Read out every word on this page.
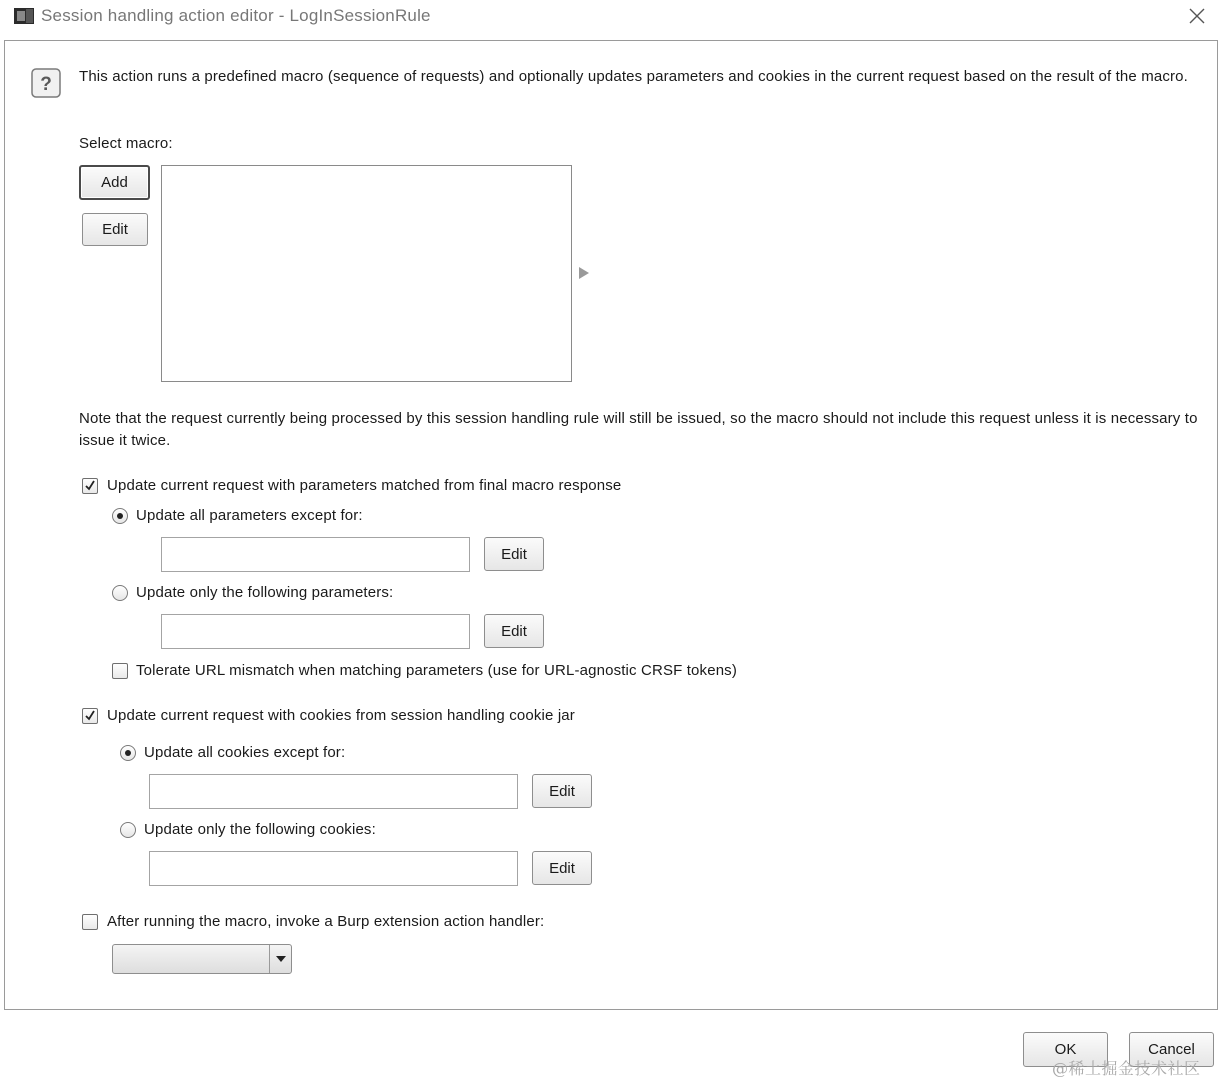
Session handling action editor - LogInSessionRule
? This action runs a predefined macro (sequence of requests) and optionally updates parameters and cookies in the current request based on the result of the macro.
Select macro:
Add
Edit
Note that the request currently being processed by this session handling rule will still be issued, so the macro should not include this request unless it is necessary to issue it twice.
Update current request with parameters matched from final macro response
Update all parameters except for:
Edit
Update only the following parameters:
Edit
Tolerate URL mismatch when matching parameters (use for URL-agnostic CRSF tokens)
Update current request with cookies from session handling cookie jar
Update all cookies except for:
Edit
Update only the following cookies:
Edit
After running the macro, invoke a Burp extension action handler:
OK	Cancel
@稀土掘金技术社区
